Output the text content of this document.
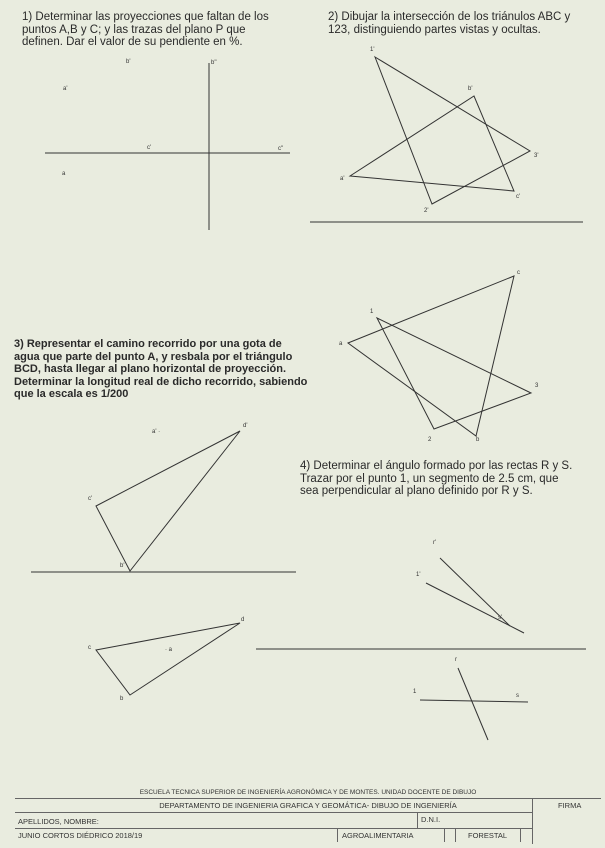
1) Determinar las proyecciones que faltan de los
puntos A,B y C; y las trazas del plano P que
definen. Dar el valor de su pendiente en %.
2) Dibujar la intersección de los triánulos ABC y
123, distinguiendo partes vistas y ocultas.
3) Representar el camino recorrido por una gota de
agua que parte del punto A, y resbala por el triángulo
BCD, hasta llegar al plano horizontal de proyección.
Determinar la longitud real de dicho recorrido, sabiendo
que la escala es 1/200
4) Determinar el ángulo formado por las rectas R y S.
Trazar por el punto 1, un segmento de 2.5 cm, que
sea perpendicular al plano definido por R y S.
b'	b''
a'
c'	c''
a
1'
b'
3'
a'
c'
2'
c
1
a
3
2	b
a' ·
d'
c'
b'
d
c	· a
b
r'
1'
s'
r
1
s
ESCUELA TECNICA SUPERIOR DE INGENIERÍA AGRONÓMICA Y DE MONTES. UNIDAD DOCENTE DE DIBUJO
DEPARTAMENTO DE INGENIERIA GRAFICA Y GEOMÁTICA- DIBUJO DE INGENIERÍA	FIRMA
APELLIDOS, NOMBRE:	D.N.I.
JUNIO CORTOS DIÉDRICO 2018/19	AGROALIMENTARIA	FORESTAL
